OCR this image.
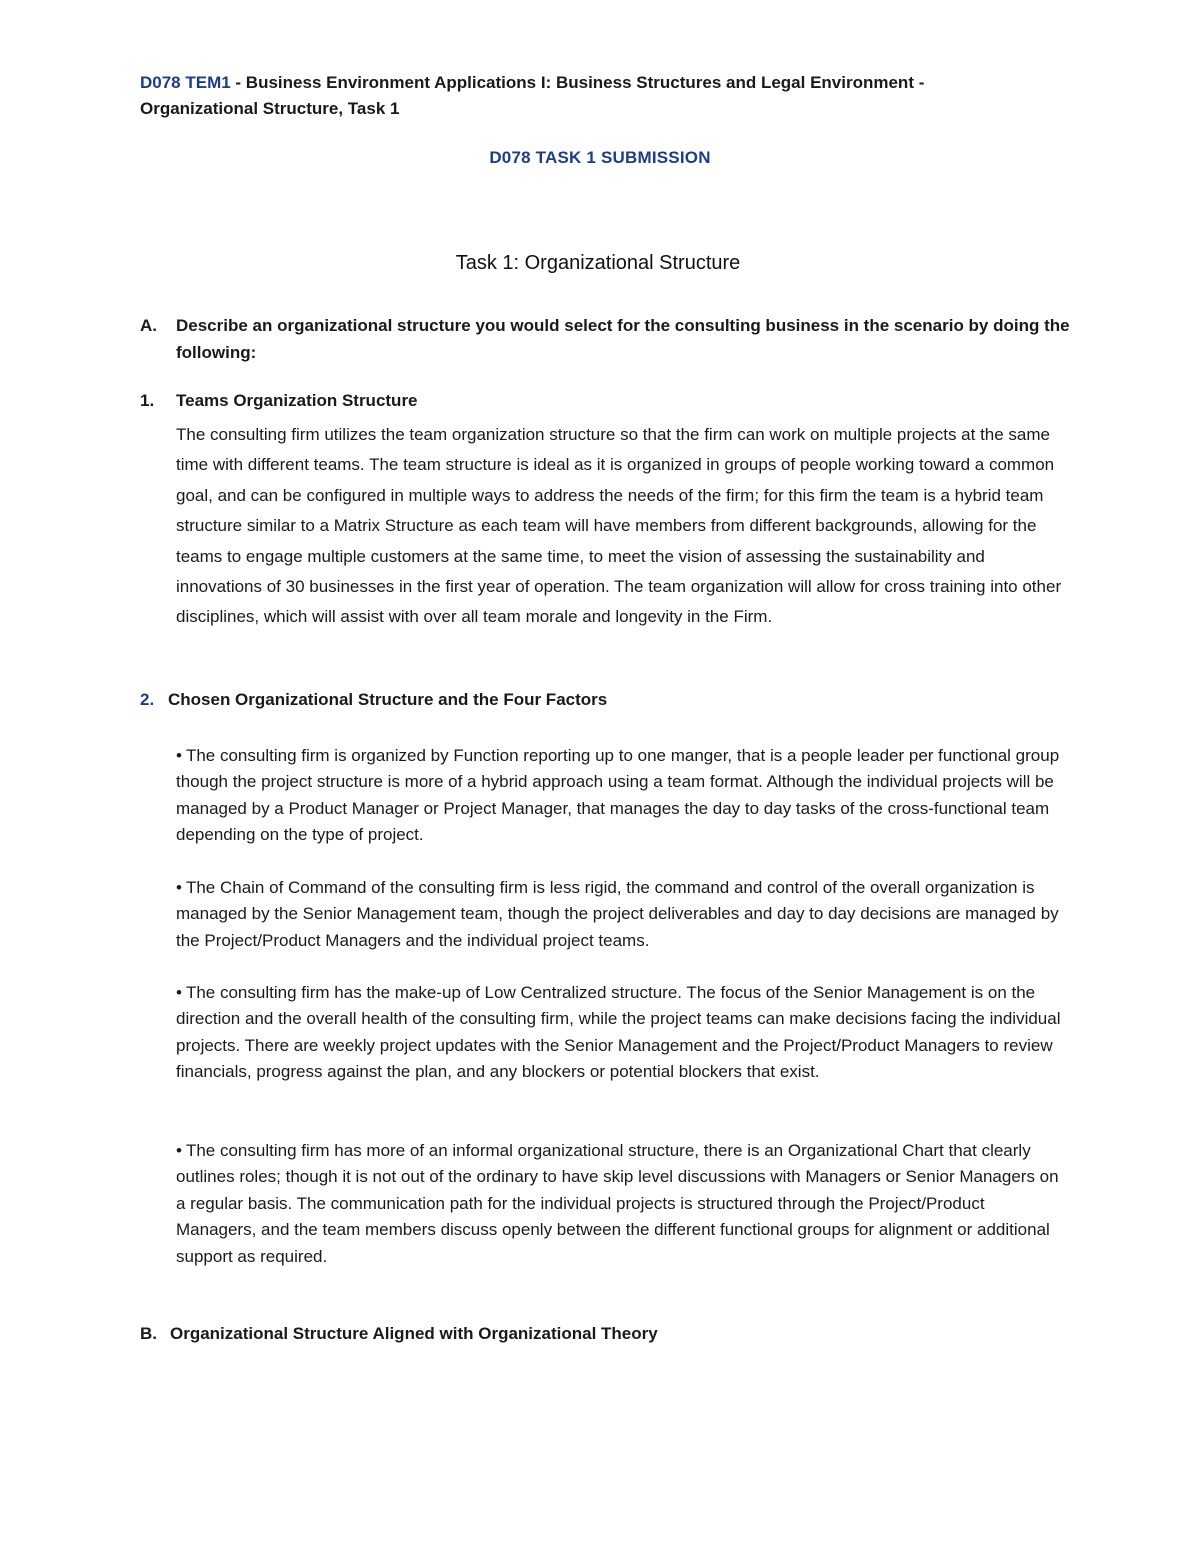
D078 TEM1 - Business Environment Applications I: Business Structures and Legal Environment - Organizational Structure, Task 1
D078 TASK 1 SUBMISSION
Task 1: Organizational Structure
A. Describe an organizational structure you would select for the consulting business in the scenario by doing the following:
1. Teams Organization Structure

The consulting firm utilizes the team organization structure so that the firm can work on multiple projects at the same time with different teams. The team structure is ideal as it is organized in groups of people working toward a common goal, and can be configured in multiple ways to address the needs of the firm; for this firm the team is a hybrid team structure similar to a Matrix Structure as each team will have members from different backgrounds, allowing for the teams to engage multiple customers at the same time, to meet the vision of assessing the sustainability and innovations of 30 businesses in the first year of operation. The team organization will allow for cross training into other disciplines, which will assist with over all team morale and longevity in the Firm.

2. Chosen Organizational Structure and the Four Factors

• The consulting firm is organized by Function reporting up to one manger, that is a people leader per functional group though the project structure is more of a hybrid approach using a team format. Although the individual projects will be managed by a Product Manager or Project Manager, that manages the day to day tasks of the cross-functional team depending on the type of project.

• The Chain of Command of the consulting firm is less rigid, the command and control of the overall organization is managed by the Senior Management team, though the project deliverables and day to day decisions are managed by the Project/Product Managers and the individual project teams.

• The consulting firm has the make-up of Low Centralized structure. The focus of the Senior Management is on the direction and the overall health of the consulting firm, while the project teams can make decisions facing the individual projects. There are weekly project updates with the Senior Management and the Project/Product Managers to review financials, progress against the plan, and any blockers or potential blockers that exist.

• The consulting firm has more of an informal organizational structure, there is an Organizational Chart that clearly outlines roles; though it is not out of the ordinary to have skip level discussions with Managers or Senior Managers on a regular basis. The communication path for the individual projects is structured through the Project/Product Managers, and the team members discuss openly between the different functional groups for alignment or additional support as required.

B. Organizational Structure Aligned with Organizational Theory
